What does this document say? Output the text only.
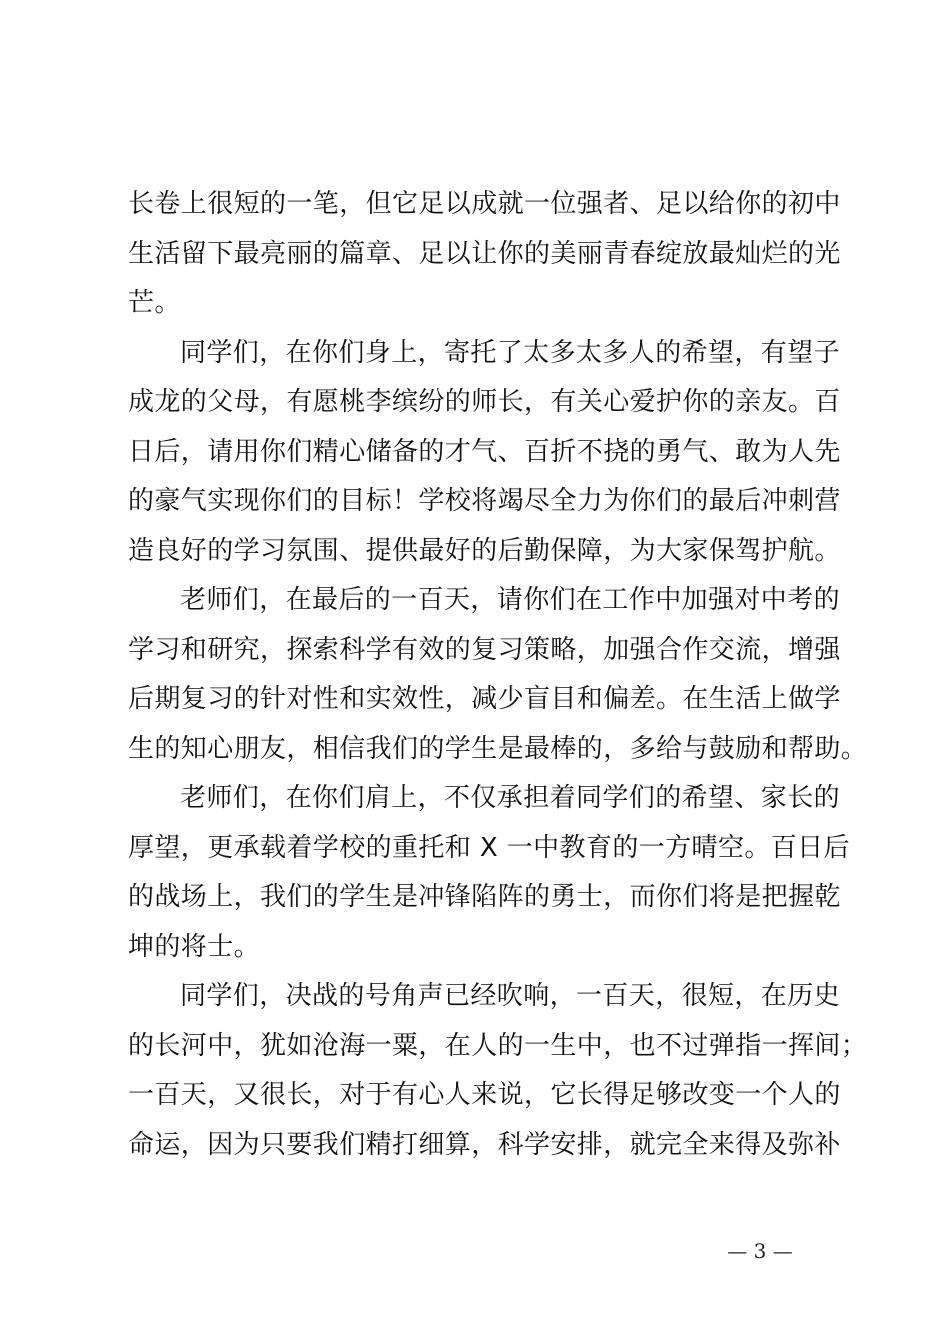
长卷上很短的一笔，但它足以成就一位强者、足以给你的初中
生活留下最亮丽的篇章、足以让你的美丽青春绽放最灿烂的光
芒。
同学们，在你们身上，寄托了太多太多人的希望，有望子
成龙的父母，有愿桃李缤纷的师长，有关心爱护你的亲友。百
日后，请用你们精心储备的才气、百折不挠的勇气、敢为人先
的豪气实现你们的目标！学校将竭尽全力为你们的最后冲刺营
造良好的学习氛围、提供最好的后勤保障，为大家保驾护航。
老师们，在最后的一百天，请你们在工作中加强对中考的
学习和研究，探索科学有效的复习策略，加强合作交流，增强
后期复习的针对性和实效性，减少盲目和偏差。在生活上做学
生的知心朋友，相信我们的学生是最棒的，多给与鼓励和帮助。
老师们，在你们肩上，不仅承担着同学们的希望、家长的
厚望，更承载着学校的重托和 X 一中教育的一方晴空。百日后
的战场上，我们的学生是冲锋陷阵的勇士，而你们将是把握乾
坤的将士。
同学们，决战的号角声已经吹响，一百天，很短，在历史
的长河中，犹如沧海一粟，在人的一生中，也不过弹指一挥间；
一百天，又很长，对于有心人来说，它长得足够改变一个人的
命运，因为只要我们精打细算，科学安排，就完全来得及弥补
— 3 —
